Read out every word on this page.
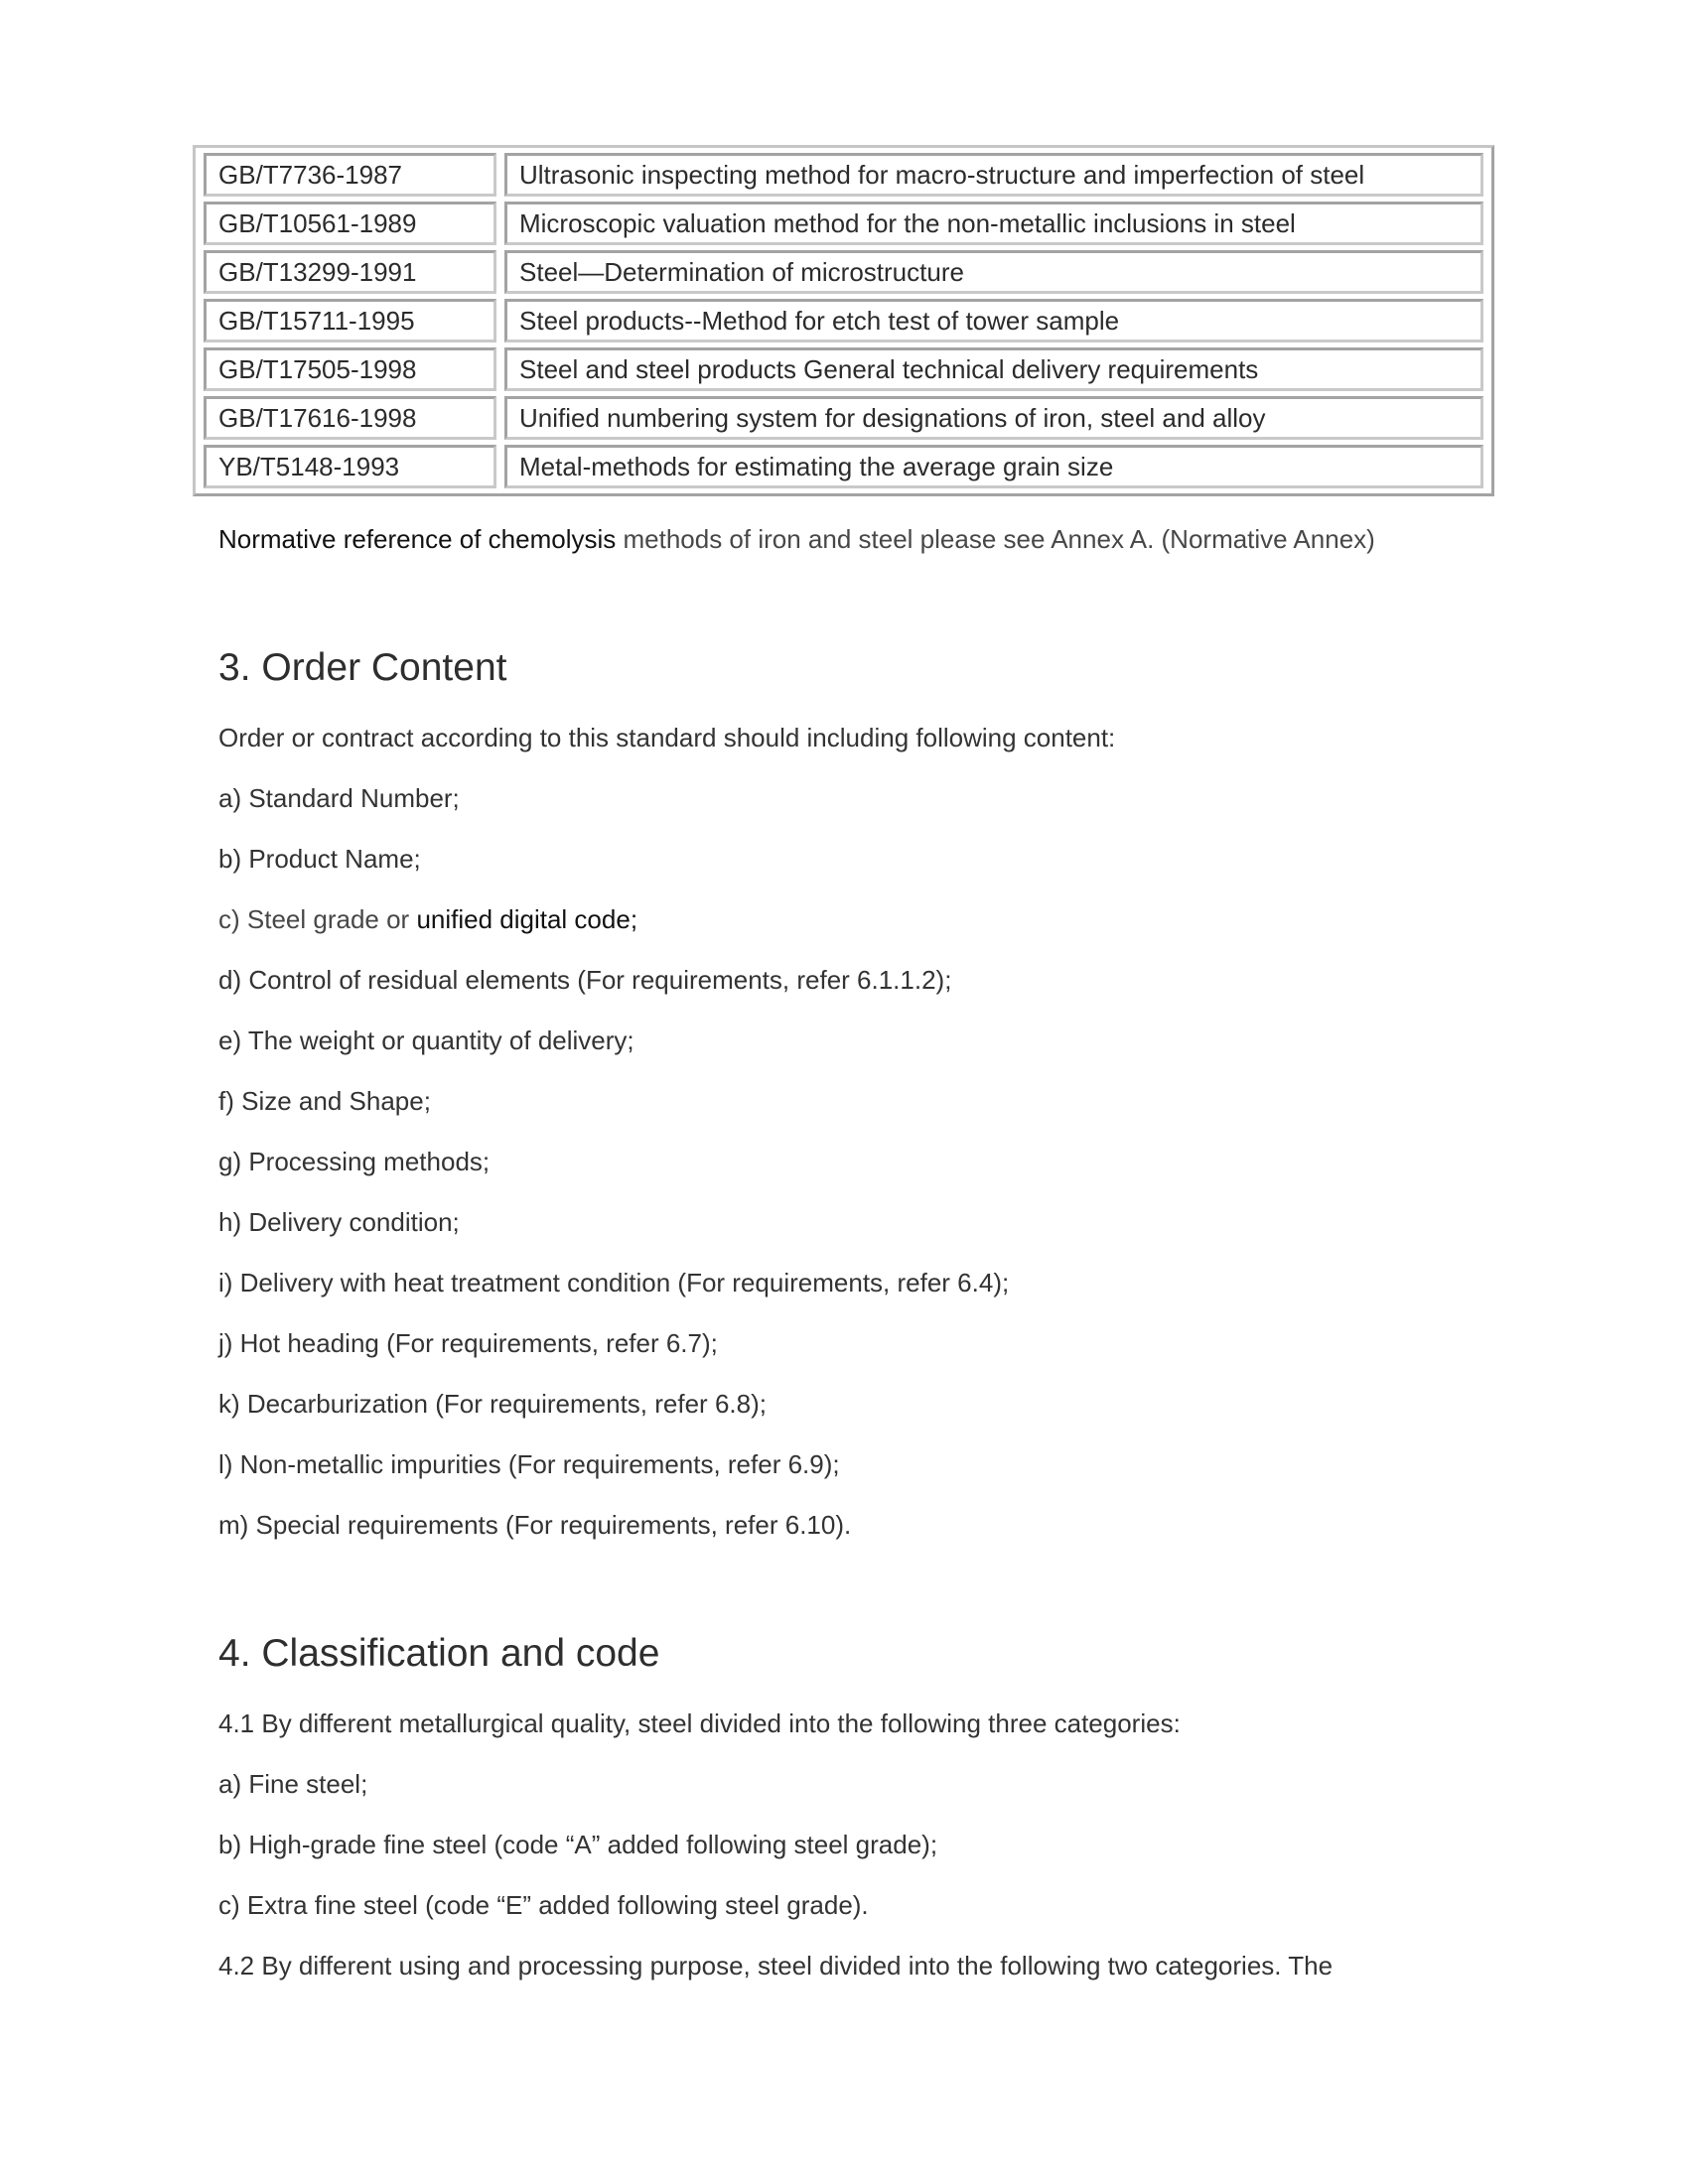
GB/T7736-1987	Ultrasonic inspecting method for macro-structure and imperfection of steel
GB/T10561-1989	Microscopic valuation method for the non-metallic inclusions in steel
GB/T13299-1991	Steel—Determination of microstructure
GB/T15711-1995	Steel products--Method for etch test of tower sample
GB/T17505-1998	Steel and steel products General technical delivery requirements
GB/T17616-1998	Unified numbering system for designations of iron, steel and alloy
YB/T5148-1993	Metal-methods for estimating the average grain size

Normative reference of chemolysis methods of iron and steel please see Annex A. (Normative Annex)

3. Order Content

Order or contract according to this standard should including following content:

a) Standard Number;

b) Product Name;

c) Steel grade or unified digital code;

d) Control of residual elements (For requirements, refer 6.1.1.2);

e) The weight or quantity of delivery;

f) Size and Shape;

g) Processing methods;

h) Delivery condition;

i) Delivery with heat treatment condition (For requirements, refer 6.4);

j) Hot heading (For requirements, refer 6.7);

k) Decarburization (For requirements, refer 6.8);

l) Non-metallic impurities (For requirements, refer 6.9);

m) Special requirements (For requirements, refer 6.10).

4. Classification and code

4.1 By different metallurgical quality, steel divided into the following three categories:

a) Fine steel;

b) High-grade fine steel (code “A” added following steel grade);

c) Extra fine steel (code “E” added following steel grade).

4.2 By different using and processing purpose, steel divided into the following two categories. The
